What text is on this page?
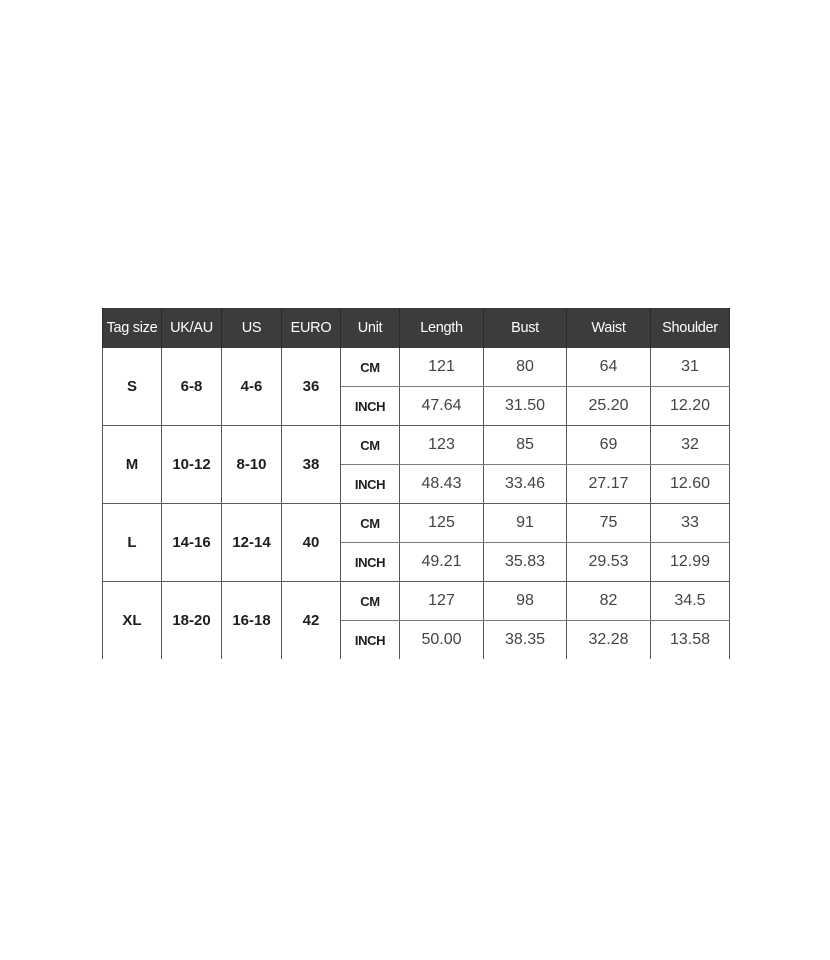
Tag size	UK/AU	US	EURO	Unit	Length	Bust	Waist	Shoulder
S	6-8	4-6	36	CM	121	80	64	31
				INCH	47.64	31.50	25.20	12.20
M	10-12	8-10	38	CM	123	85	69	32
				INCH	48.43	33.46	27.17	12.60
L	14-16	12-14	40	CM	125	91	75	33
				INCH	49.21	35.83	29.53	12.99
XL	18-20	16-18	42	CM	127	98	82	34.5
				INCH	50.00	38.35	32.28	13.58
